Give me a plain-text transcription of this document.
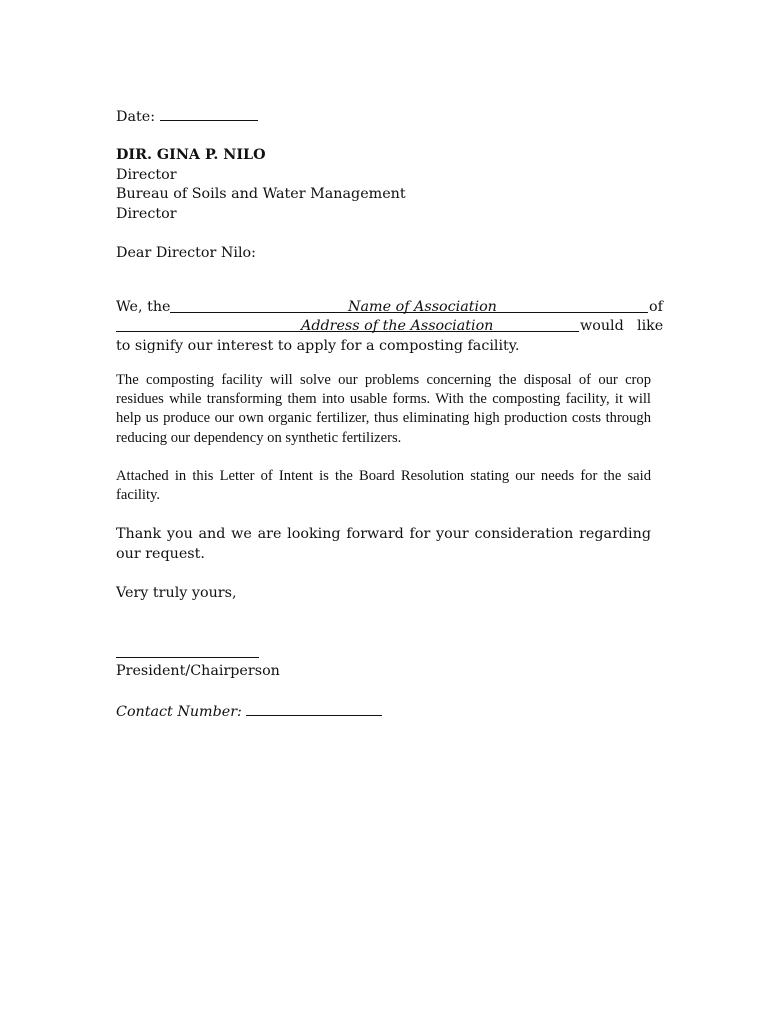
Date:
DIR. GINA P. NILO
Director
Bureau of Soils and Water Management
Director
Dear Director Nilo:
We, the	Name of Association	of
Address of the Association	would like
to signify our interest to apply for a composting facility.

The composting facility will solve our problems concerning the disposal of our crop residues while transforming them into usable forms. With the composting facility, it will help us produce our own organic fertilizer, thus eliminating high production costs through reducing our dependency on synthetic fertilizers.

Attached in this Letter of Intent is the Board Resolution stating our needs for the said facility.

Thank you and we are looking forward for your consideration regarding our request.

Very truly yours,
President/Chairperson
Contact Number:
